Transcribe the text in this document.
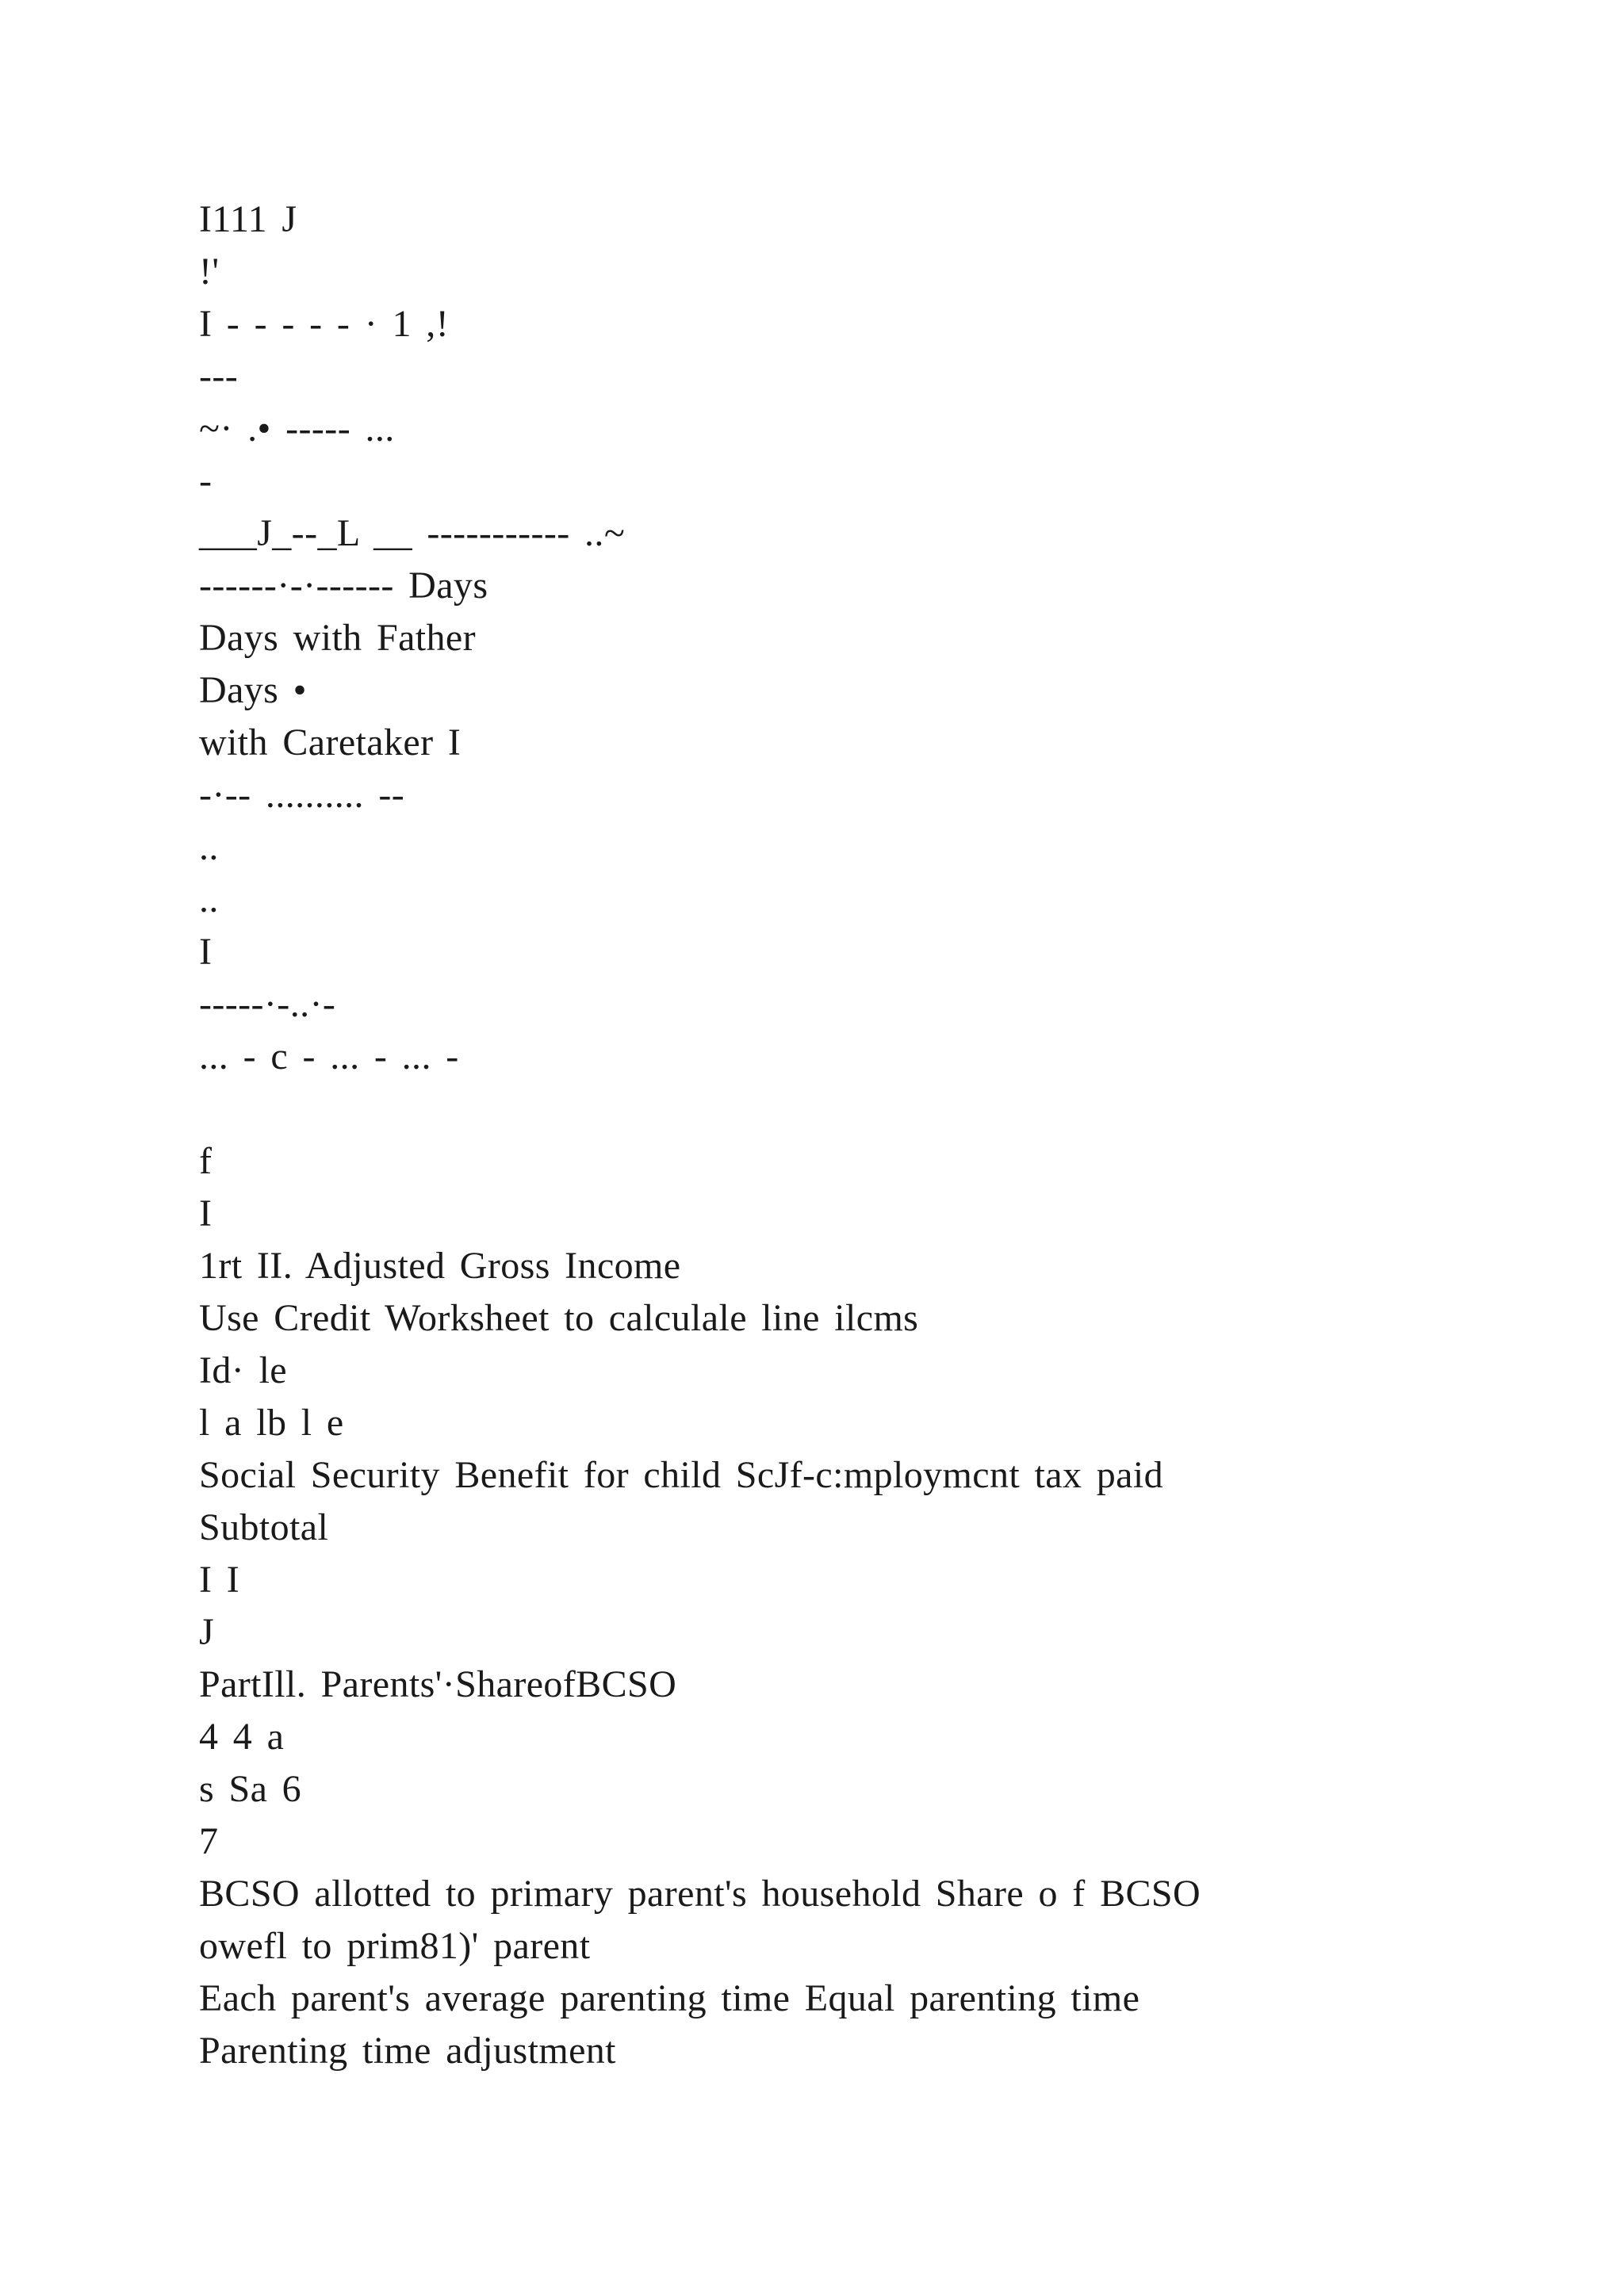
I111 J
!'
I - - - - - · 1 ,!
---
~· .• ----- ...
-
___J_--_L __ ----------- ..~
------·-·------ Days
Days with Father
Days •
with Caretaker I
-·-- .......... --
..
..
I
-----·-..·-
... - c - ... - ... -
f
I
1rt II. Adjusted Gross Income
Use Credit Worksheet to calculale line ilcms
Id· le
l a lb l e
Social Security Benefit for child ScJf-c:mploymcnt tax paid
Subtotal
I I
J
PartIll. Parents'·ShareofBCSO
4 4 a
s Sa 6
7
BCSO allotted to primary parent's household Share o f BCSO
owefl to prim81)' parent
Each parent's average parenting time Equal parenting time
Parenting time adjustment
